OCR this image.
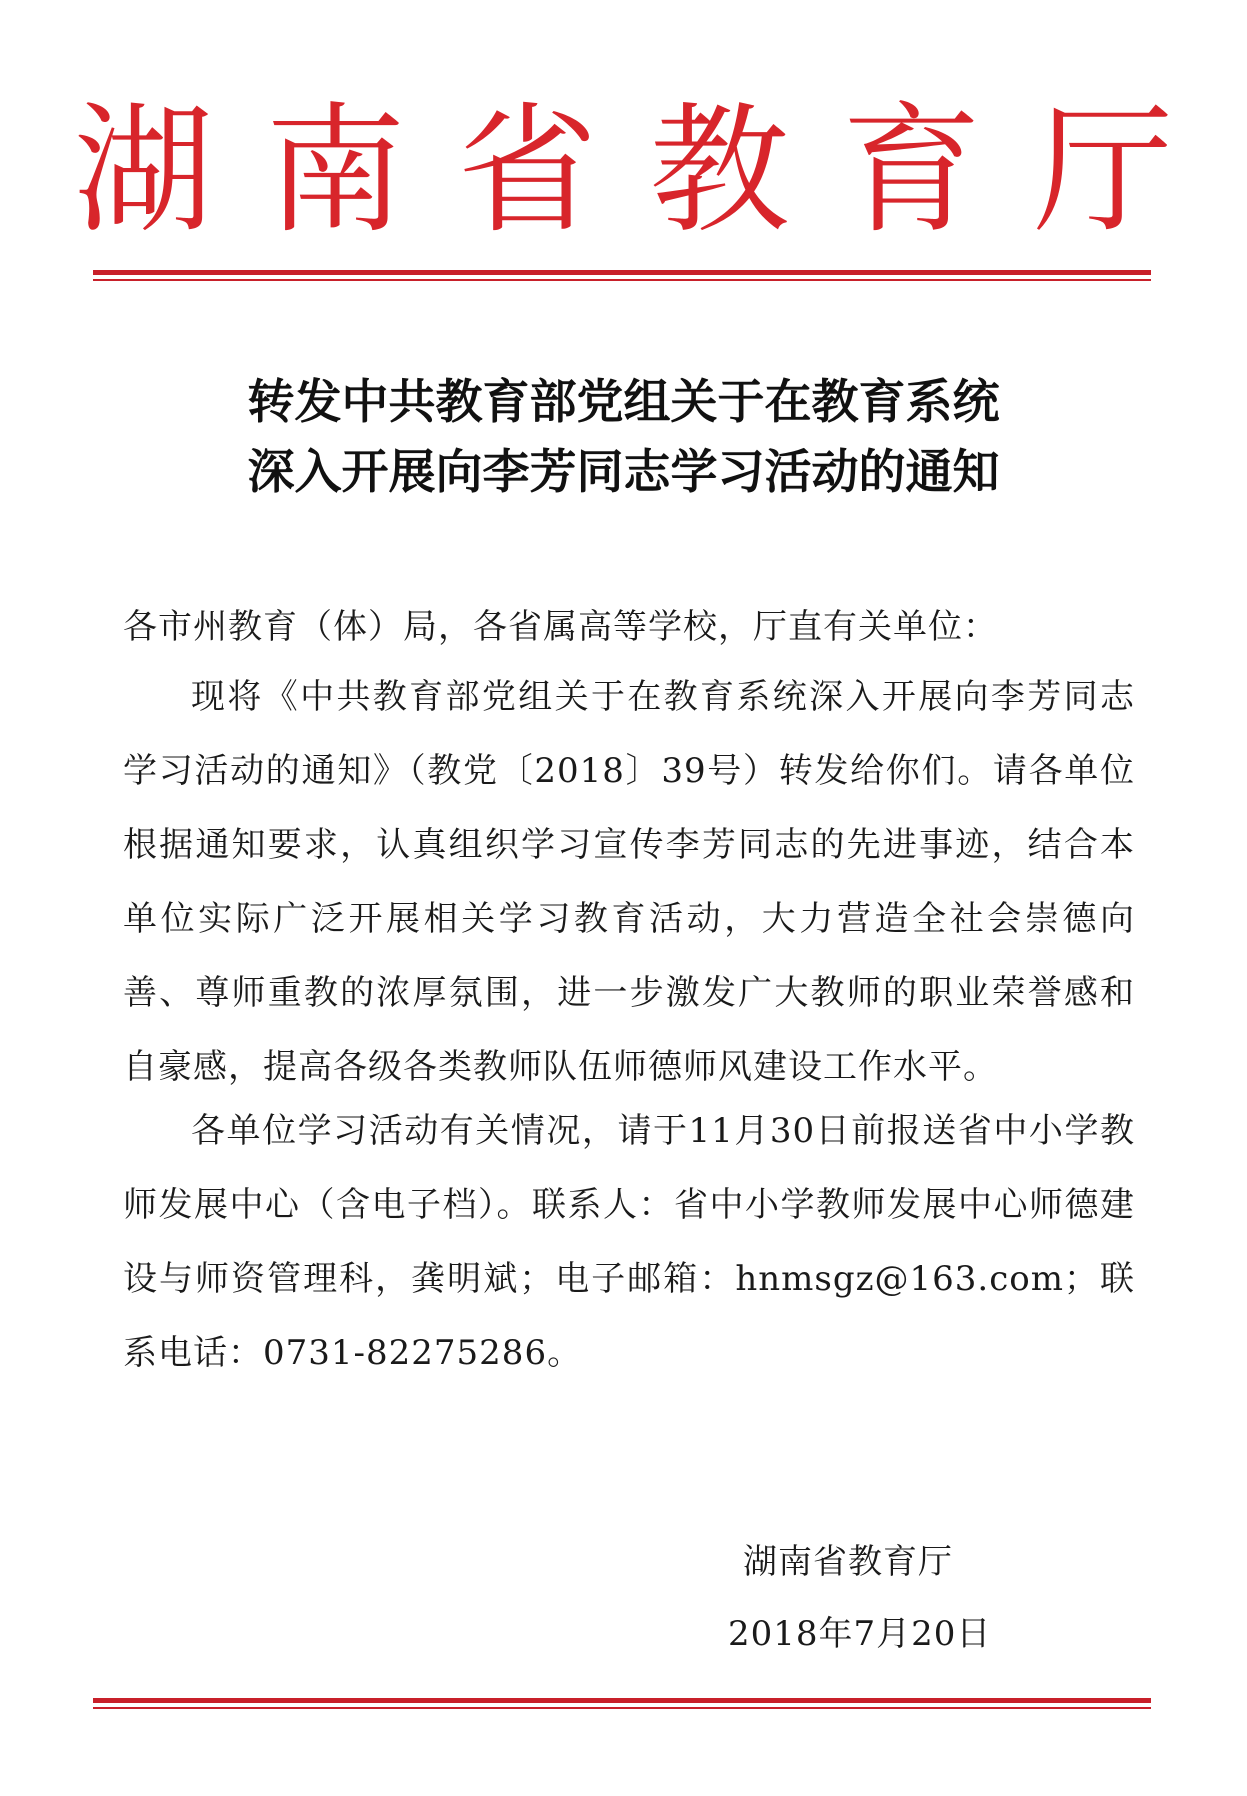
湖南省教育厅
转发中共教育部党组关于在教育系统
深入开展向李芳同志学习活动的通知
各市州教育（体）局，各省属高等学校，厅直有关单位：
现将《中共教育部党组关于在教育系统深入开展向李芳同志学习活动的通知》（教党〔2018〕39号）转发给你们。请各单位根据通知要求，认真组织学习宣传李芳同志的先进事迹，结合本单位实际广泛开展相关学习教育活动，大力营造全社会崇德向善、尊师重教的浓厚氛围，进一步激发广大教师的职业荣誉感和自豪感，提高各级各类教师队伍师德师风建设工作水平。
各单位学习活动有关情况，请于11月30日前报送省中小学教师发展中心（含电子档）。联系人：省中小学教师发展中心师德建设与师资管理科，龚明斌；电子邮箱：hnmsgz@163.com；联系电话：0731-82275286。
湖南省教育厅
2018年7月20日
